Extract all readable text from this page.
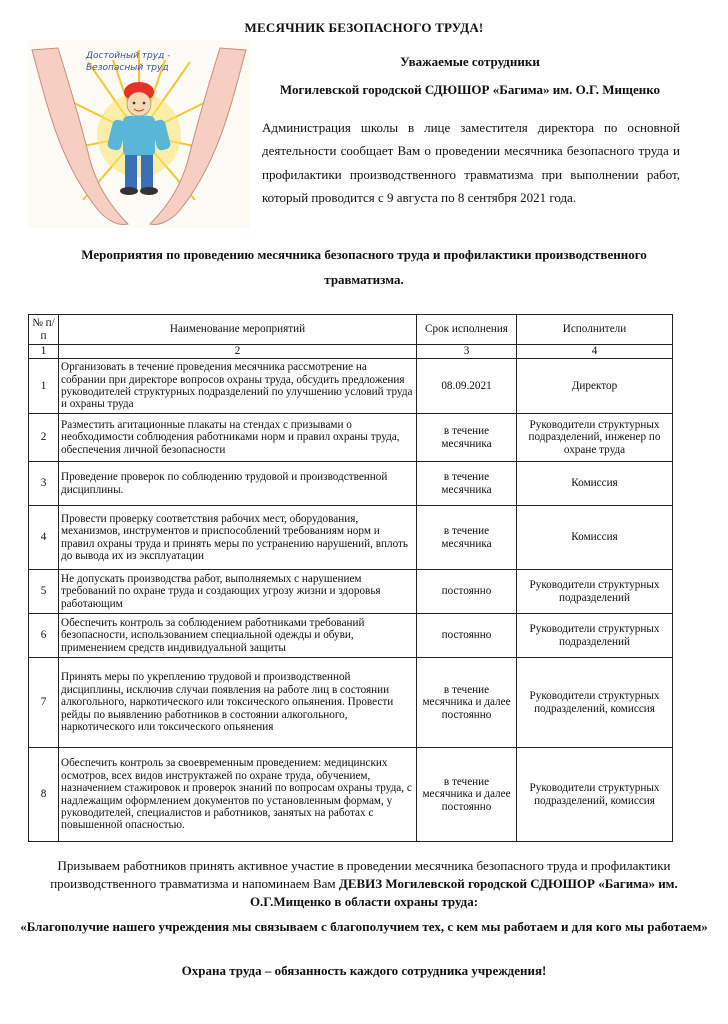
МЕСЯЧНИК БЕЗОПАСНОГО ТРУДА!
Достойный труд -
Безопасный труд	Уважаемые сотрудники
Могилевской городской СДЮШОР «Багима» им. О.Г. Мищенко
Администрация школы в лице заместителя директора по основной деятельности сообщает Вам о проведении месячника безопасного труда и профилактики производственного травматизма при выполнении работ, который проводится с 9 августа по 8 сентября 2021 года.
Мероприятия по проведению месячника безопасного труда и профилактики производственного травматизма.
№ п/п	Наименование мероприятий	Срок исполнения	Исполнители
1	2	3	4
1	Организовать в течение проведения месячника рассмотрение на собрании при директоре вопросов охраны труда, обсудить предложения руководителей структурных подразделений по улучшению условий труда и охраны труда	08.09.2021	Директор
2	Разместить агитационные плакаты на стендах с призывами о необходимости соблюдения работниками норм и правил охраны труда, обеспечения личной безопасности	в течение месячника	Руководители структурных подразделений, инженер по охране труда
3	Проведение проверок по соблюдению трудовой и производственной дисциплины.	в течение месячника	Комиссия
4	Провести проверку соответствия рабочих мест, оборудования, механизмов, инструментов и приспособлений требованиям норм и правил охраны труда и принять меры по устранению нарушений, вплоть до вывода их из эксплуатации	в течение месячника	Комиссия
5	Не допускать производства работ, выполняемых с нарушением требований по охране труда и создающих угрозу жизни и здоровья работающим	постоянно	Руководители структурных подразделений
6	Обеспечить контроль за соблюдением работниками требований безопасности, использованием специальной одежды и обуви, применением средств индивидуальной защиты	постоянно	Руководители структурных подразделений
7	Принять меры по укреплению трудовой и производственной дисциплины, исключив случаи появления на работе лиц в состоянии алкогольного, наркотического или токсического опьянения. Провести рейды по выявлению работников в состоянии алкогольного, наркотического или токсического опьянения	в течение месячника и далее постоянно	Руководители структурных подразделений, комиссия
8	Обеспечить контроль за своевременным проведением: медицинских осмотров, всех видов инструктажей по охране труда, обучением, назначением стажировок и проверок знаний по вопросам охраны труда, с надлежащим оформлением документов по установленным формам, у руководителей, специалистов и работников, занятых на работах с повышенной опасностью.	в течение месячника и далее постоянно	Руководители структурных подразделений, комиссия
Призываем работников принять активное участие в проведении месячника безопасного труда и профилактики производственного травматизма и напоминаем Вам ДЕВИЗ Могилевской городской СДЮШОР «Багима» им. О.Г.Мищенко в области охраны труда:
«Благополучие нашего учреждения мы связываем с благополучием тех, с кем мы работаем и для кого мы работаем»
Охрана труда – обязанность каждого сотрудника учреждения!
